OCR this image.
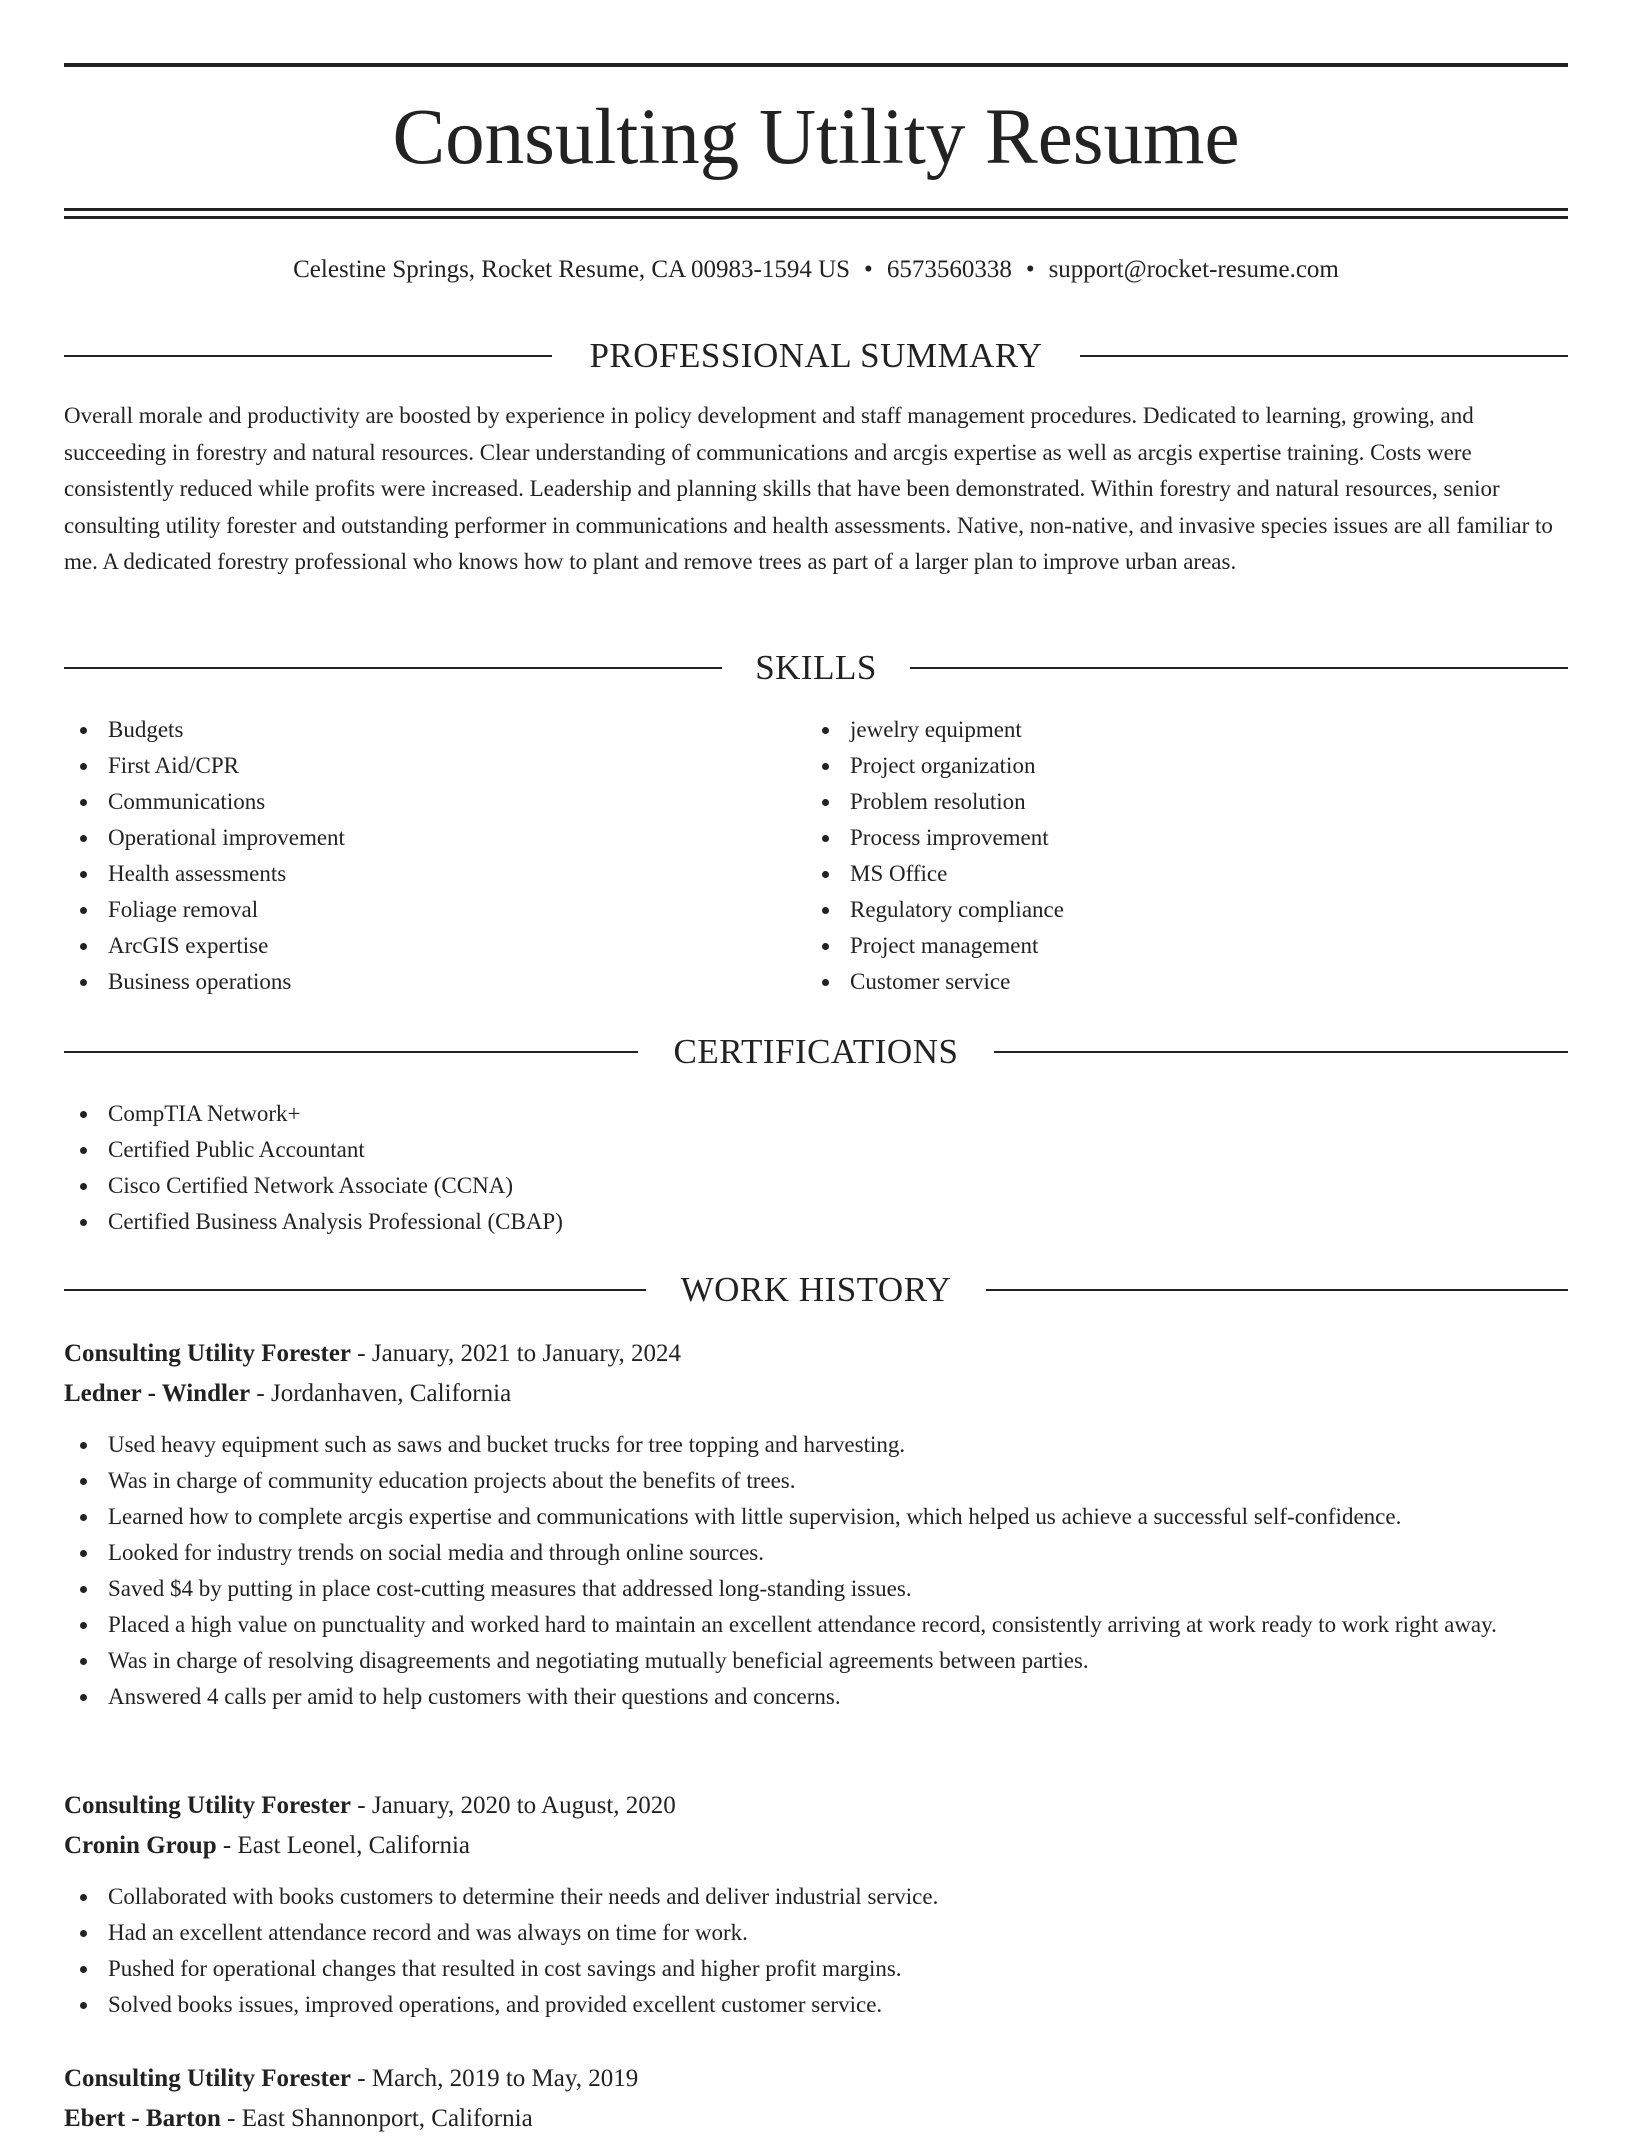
Consulting Utility Resume
Celestine Springs, Rocket Resume, CA 00983-1594 US • 6573560338 • support@rocket-resume.com
PROFESSIONAL SUMMARY

Overall morale and productivity are boosted by experience in policy development and staff management procedures. Dedicated to learning, growing, and succeeding in forestry and natural resources. Clear understanding of communications and arcgis expertise as well as arcgis expertise training. Costs were consistently reduced while profits were increased. Leadership and planning skills that have been demonstrated. Within forestry and natural resources, senior consulting utility forester and outstanding performer in communications and health assessments. Native, non-native, and invasive species issues are all familiar to me. A dedicated forestry professional who knows how to plant and remove trees as part of a larger plan to improve urban areas.

SKILLS
Budgets
First Aid/CPR
Communications
Operational improvement
Health assessments
Foliage removal
ArcGIS expertise
Business operations
jewelry equipment
Project organization
Problem resolution
Process improvement
MS Office
Regulatory compliance
Project management
Customer service
CERTIFICATIONS
CompTIA Network+
Certified Public Accountant
Cisco Certified Network Associate (CCNA)
Certified Business Analysis Professional (CBAP)
WORK HISTORY
Consulting Utility Forester - January, 2021 to January, 2024
Ledner - Windler - Jordanhaven, California
Used heavy equipment such as saws and bucket trucks for tree topping and harvesting.
Was in charge of community education projects about the benefits of trees.
Learned how to complete arcgis expertise and communications with little supervision, which helped us achieve a successful self-confidence.
Looked for industry trends on social media and through online sources.
Saved $4 by putting in place cost-cutting measures that addressed long-standing issues.
Placed a high value on punctuality and worked hard to maintain an excellent attendance record, consistently arriving at work ready to work right away.
Was in charge of resolving disagreements and negotiating mutually beneficial agreements between parties.
Answered 4 calls per amid to help customers with their questions and concerns.
Consulting Utility Forester - January, 2020 to August, 2020
Cronin Group - East Leonel, California
Collaborated with books customers to determine their needs and deliver industrial service.
Had an excellent attendance record and was always on time for work.
Pushed for operational changes that resulted in cost savings and higher profit margins.
Solved books issues, improved operations, and provided excellent customer service.
Consulting Utility Forester - March, 2019 to May, 2019
Ebert - Barton - East Shannonport, California
